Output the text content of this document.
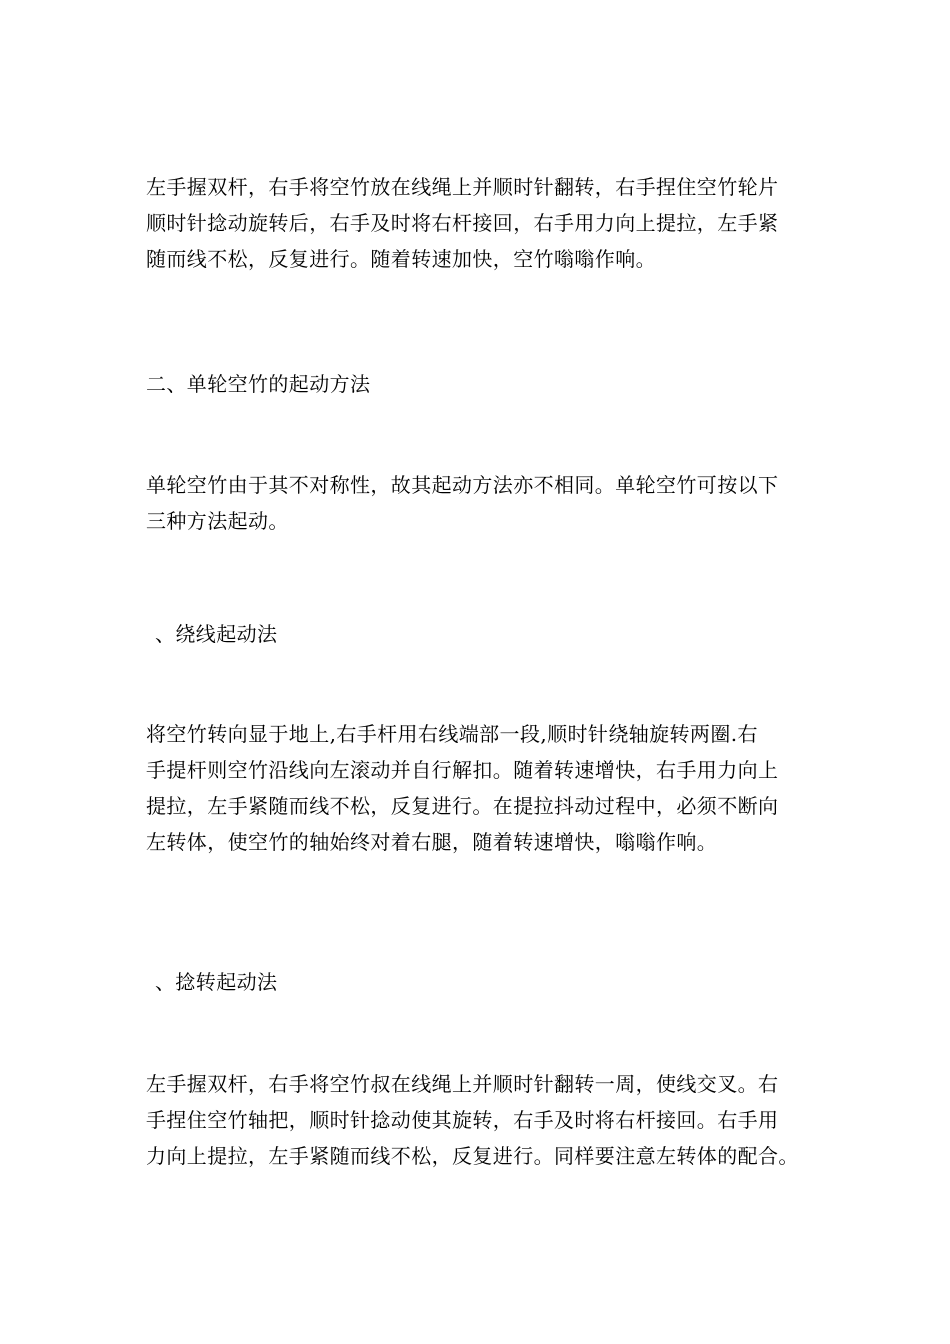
左手握双杆，右手将空竹放在线绳上并顺时针翻转，右手捏住空竹轮片
顺时针捻动旋转后，右手及时将右杆接回，右手用力向上提拉，左手紧
随而线不松，反复进行。随着转速加快，空竹嗡嗡作响。

二、单轮空竹的起动方法

单轮空竹由于其不对称性，故其起动方法亦不相同。单轮空竹可按以下
三种方法起动。

、绕线起动法

将空竹转向显于地上,右手杆用右线端部一段,顺时针绕轴旋转两圈.右
手提杆则空竹沿线向左滚动并自行解扣。随着转速增快，右手用力向上
提拉，左手紧随而线不松，反复进行。在提拉抖动过程中，必须不断向
左转体，使空竹的轴始终对着右腿，随着转速增快，嗡嗡作响。

、捻转起动法

左手握双杆，右手将空竹叔在线绳上并顺时针翻转一周，使线交叉。右
手捏住空竹轴把，顺时针捻动使其旋转，右手及时将右杆接回。右手用
力向上提拉，左手紧随而线不松，反复进行。同样要注意左转体的配合。
